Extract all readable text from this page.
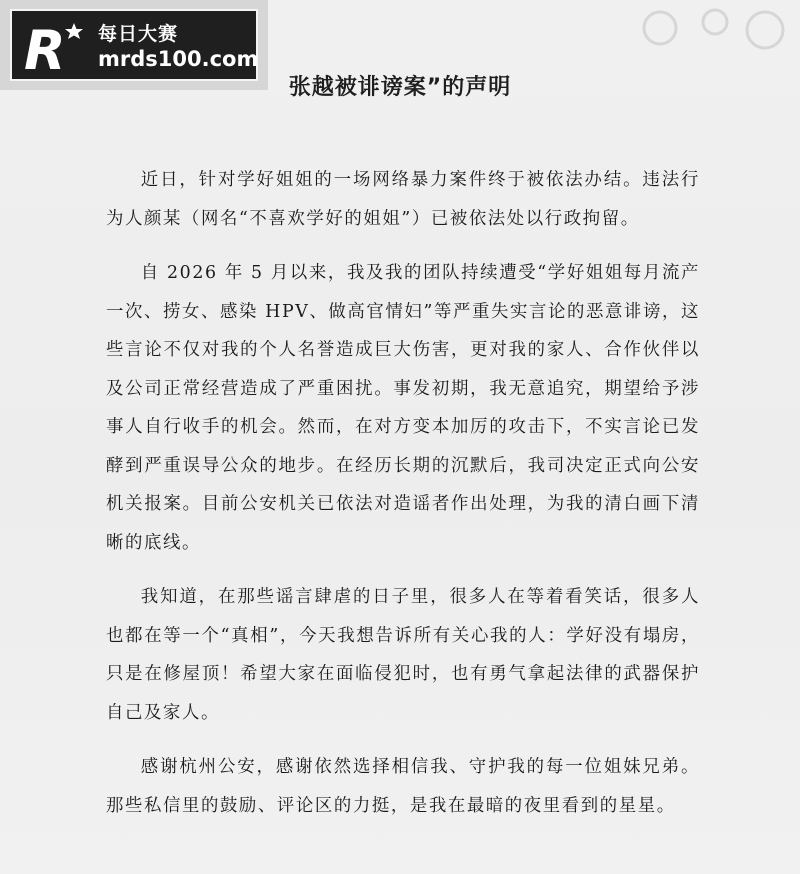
R 每日大赛
mrds100.com
张越被诽谤案”的声明

近日，针对学好姐姐的一场网络暴力案件终于被依法办结。违法行为人颜某（网名“不喜欢学好的姐姐”）已被依法处以行政拘留。

自 2026 年 5 月以来，我及我的团队持续遭受“学好姐姐每月流产一次、捞女、感染 HPV、做高官情妇”等严重失实言论的恶意诽谤，这些言论不仅对我的个人名誉造成巨大伤害，更对我的家人、合作伙伴以及公司正常经营造成了严重困扰。事发初期，我无意追究，期望给予涉事人自行收手的机会。然而，在对方变本加厉的攻击下，不实言论已发酵到严重误导公众的地步。在经历长期的沉默后，我司决定正式向公安机关报案。目前公安机关已依法对造谣者作出处理，为我的清白画下清晰的底线。

我知道，在那些谣言肆虐的日子里，很多人在等着看笑话，很多人也都在等一个“真相”，今天我想告诉所有关心我的人：学好没有塌房，只是在修屋顶！希望大家在面临侵犯时，也有勇气拿起法律的武器保护自己及家人。

感谢杭州公安，感谢依然选择相信我、守护我的每一位姐妹兄弟。那些私信里的鼓励、评论区的力挺，是我在最暗的夜里看到的星星。
